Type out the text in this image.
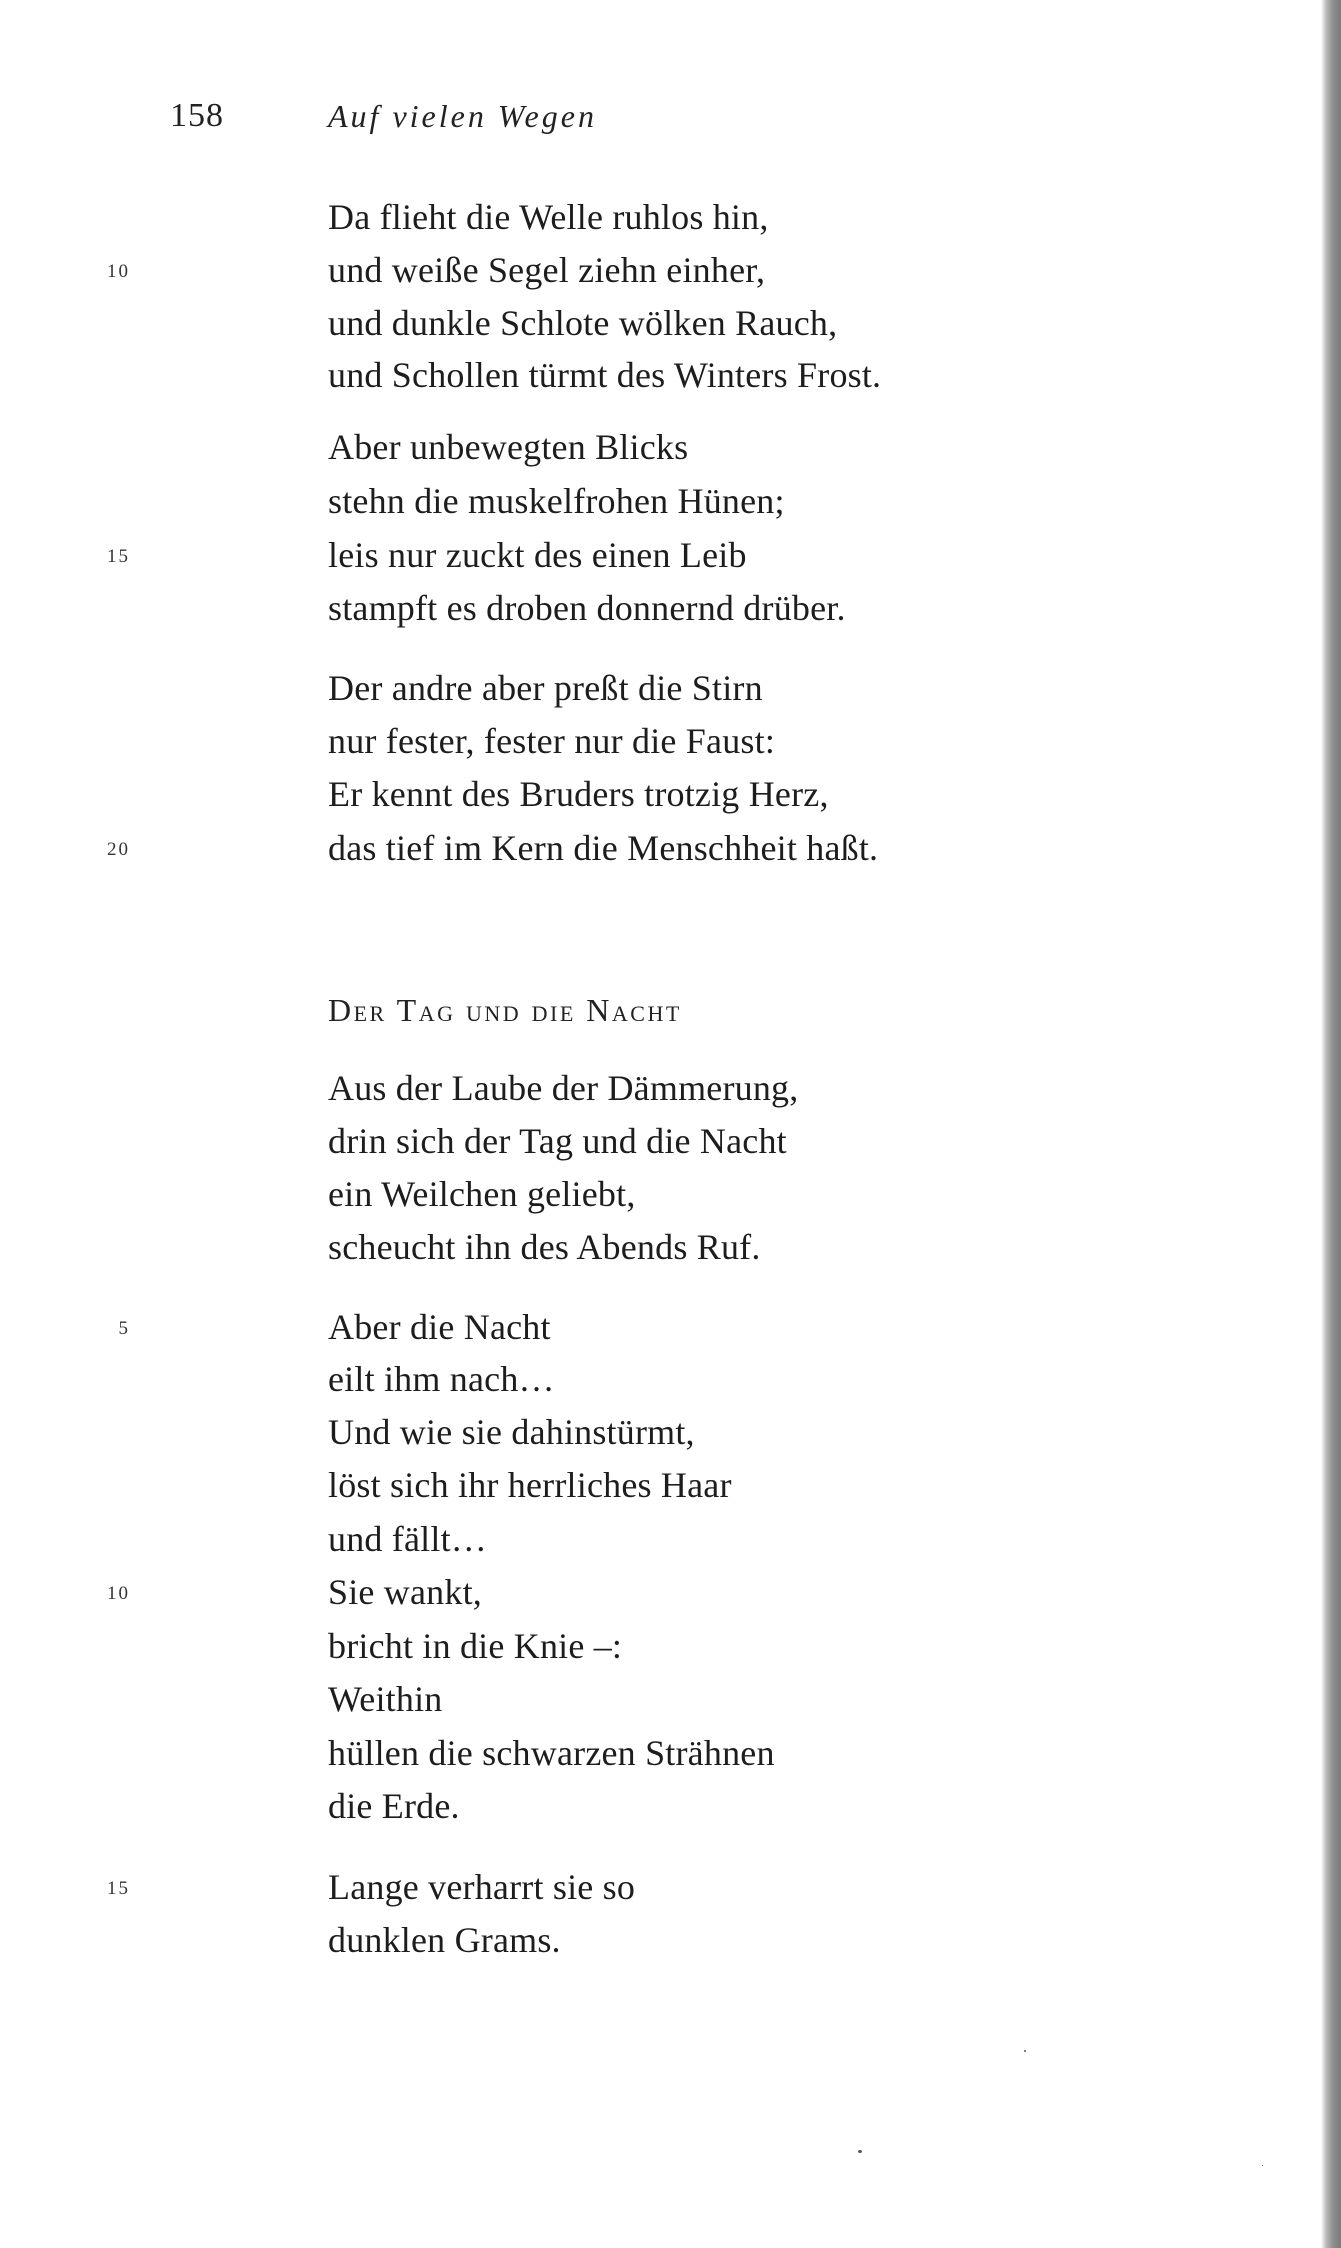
158	Auf vielen Wegen
Da flieht die Welle ruhlos hin,
und weiße Segel ziehn einher,
10
und dunkle Schlote wölken Rauch,
und Schollen türmt des Winters Frost.
Aber unbewegten Blicks
stehn die muskelfrohen Hünen;
leis nur zuckt des einen Leib
15
stampft es droben donnernd drüber.
Der andre aber preßt die Stirn
nur fester, fester nur die Faust:
Er kennt des Bruders trotzig Herz,
das tief im Kern die Menschheit haßt.
20
Der Tag und die Nacht
Aus der Laube der Dämmerung,
drin sich der Tag und die Nacht
ein Weilchen geliebt,
scheucht ihn des Abends Ruf.
Aber die Nacht
5
eilt ihm nach…
Und wie sie dahinstürmt,
löst sich ihr herrliches Haar
und fällt…
Sie wankt,
10
bricht in die Knie –:
Weithin
hüllen die schwarzen Strähnen
die Erde.
Lange verharrt sie so
15
dunklen Grams.
